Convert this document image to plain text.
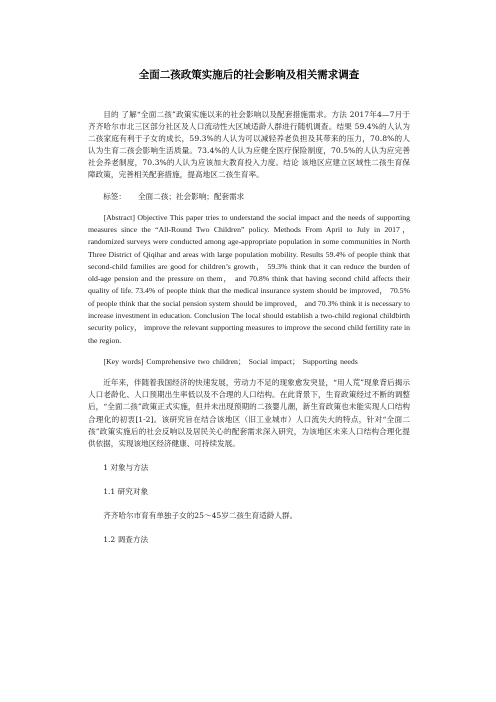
全面二孩政策实施后的社会影响及相关需求调查
目的 了解“全面二孩”政策实施以来的社会影响以及配套措施需求。方法 2017年4—7月于齐齐哈尔市北三区部分社区及人口流动性大区域适龄人群进行随机调查。结果 59.4%的人认为二孩家庭有利于子女的成长，59.3%的人认为可以减轻养老负担及其带来的压力，70.8%的人认为生育二孩会影响生活质量。73.4%的人认为应健全医疗保险制度，70.5%的人认为应完善社会养老制度，70.3%的人认为应该加大教育投入力度。结论 该地区应建立区域性二孩生育保障政策，完善相关配套措施，提高地区二孩生育率。
标签： 全面二孩；社会影响；配套需求
[Abstract] Objective This paper tries to understand the social impact and the needs of supporting measures since the “All-Round Two Children” policy. Methods From April to July in 2017， randomized surveys were conducted among age-appropriate population in some communities in North Three District of Qiqihar and areas with large population mobility. Results 59.4% of people think that second-child families are good for children’s growth， 59.3% think that it can reduce the burden of old-age pension and the pressure on them， and 70.8% think that having second child affects their quality of life. 73.4% of people think that the medical insurance system should be improved， 70.5% of people think that the social pension system should be improved， and 70.3% think it is necessary to increase investment in education. Conclusion The local should establish a two-child regional childbirth security policy， improve the relevant supporting measures to improve the second child fertility rate in the region.
[Key words] Comprehensive two children； Social impact； Supporting needs
近年来，伴随着我国经济的快速发展，劳动力不足的现象愈发突显，“用人荒”现象背后揭示人口老龄化、人口预期出生率低以及不合理的人口结构。在此背景下，生育政策经过不断的调整后，“全面二孩”政策正式实施，但并未出现预期的二孩婴儿潮，新生育政策也未能实现人口结构合理化的初衷[1-2]。该研究旨在结合该地区（旧工业城市）人口流失大的特点，针对“全面二孩”政策实施后的社会反响以及居民关心的配套需求深入研究，为该地区未来人口结构合理化提供依据，实现该地区经济健康、可持续发展。
1 对象与方法
1.1 研究对象
齐齐哈尔市育有单独子女的25～45岁二孩生育适龄人群。
1.2 调查方法
